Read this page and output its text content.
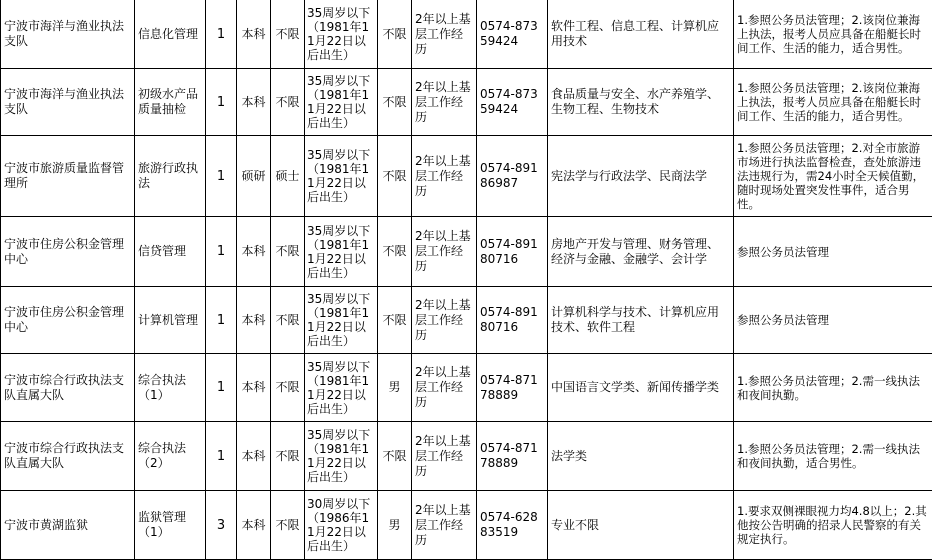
宁波市海洋与渔业执法支队	信息化管理	1	本科	不限	35周岁以下（1981年11月22日以后出生）	不限	2年以上基层工作经历	0574-87359424	软件工程、信息工程、计算机应用技术	1.参照公务员法管理；2.该岗位兼海上执法，报考人员应具备在船艇长时间工作、生活的能力，适合男性。
宁波市海洋与渔业执法支队	初级水产品质量抽检	1	本科	不限	35周岁以下（1981年11月22日以后出生）	不限	2年以上基层工作经历	0574-87359424	食品质量与安全、水产养殖学、生物工程、生物技术	1.参照公务员法管理；2.该岗位兼海上执法，报考人员应具备在船艇长时间工作、生活的能力，适合男性。
宁波市旅游质量监督管理所	旅游行政执法	1	硕研	硕士	35周岁以下（1981年11月22日以后出生）	不限	2年以上基层工作经历	0574-89186987	宪法学与行政法学、民商法学	1.参照公务员法管理；2.对全市旅游市场进行执法监督检查，查处旅游违法违规行为，需24小时全天候值勤，随时现场处置突发性事件，适合男性。
宁波市住房公积金管理中心	信贷管理	1	本科	不限	35周岁以下（1981年11月22日以后出生）	不限	2年以上基层工作经历	0574-89180716	房地产开发与管理、财务管理、经济与金融、金融学、会计学	参照公务员法管理
宁波市住房公积金管理中心	计算机管理	1	本科	不限	35周岁以下（1981年11月22日以后出生）	不限	2年以上基层工作经历	0574-89180716	计算机科学与技术、计算机应用技术、软件工程	参照公务员法管理
宁波市综合行政执法支队直属大队	综合执法（1）	1	本科	不限	35周岁以下（1981年11月22日以后出生）	男	2年以上基层工作经历	0574-87178889	中国语言文学类、新闻传播学类	1.参照公务员法管理；2.需一线执法和夜间执勤。
宁波市综合行政执法支队直属大队	综合执法（2）	1	本科	不限	35周岁以下（1981年11月22日以后出生）	不限	2年以上基层工作经历	0574-87178889	法学类	1.参照公务员法管理；2.需一线执法和夜间执勤，适合男性。
宁波市黄湖监狱	监狱管理（1）	3	本科	不限	30周岁以下（1986年11月22日以后出生）	男	2年以上基层工作经历	0574-62883519	专业不限	1.要求双侧裸眼视力均4.8以上；2.其他按公告明确的招录人民警察的有关规定执行。
